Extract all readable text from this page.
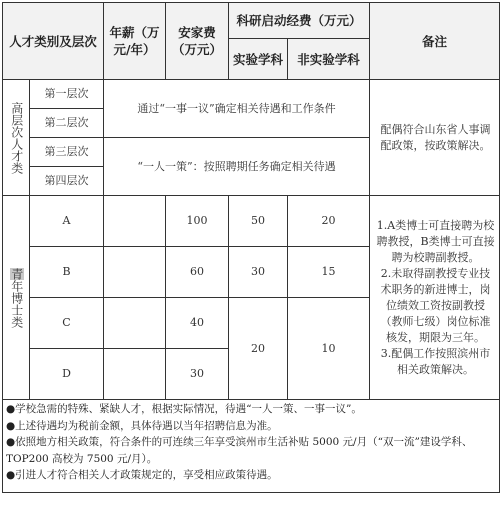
人才类别及层次		年薪（万元/年）	安家费（万元）	科研启动经费（万元）		备注
				实验学科	非实验学科	

高层次人才类	第一层次	通过“一事一议”确定相关待遇和工作条件				配偶符合山东省人事调配政策，按政策解决。
	第二层次					
	第三层次	“一人一策”：按照聘期任务确定相关待遇				
	第四层次					

青年博士类	A		100	50	20	1.A类博士可直接聘为校聘教授，B类博士可直接聘为校聘副教授。
2.未取得副教授专业技术职务的新进博士，岗位绩效工资按副教授（教师七级）岗位标准核发，期限为三年。
3.配偶工作按照滨州市相关政策解决。

	B		60	30	15	
	C		40	20	10	
	D		30			

●学校急需的特殊、紧缺人才，根据实际情况，待遇“一人一策、一事一议”。

●上述待遇均为税前金额，具体待遇以当年招聘信息为准。

●依照地方相关政策，符合条件的可连续三年享受滨州市生活补贴 5000 元/月（“双一流”建设学科、TOP200 高校为 7500 元/月）。

●引进人才符合相关人才政策规定的，享受相应政策待遇。						
